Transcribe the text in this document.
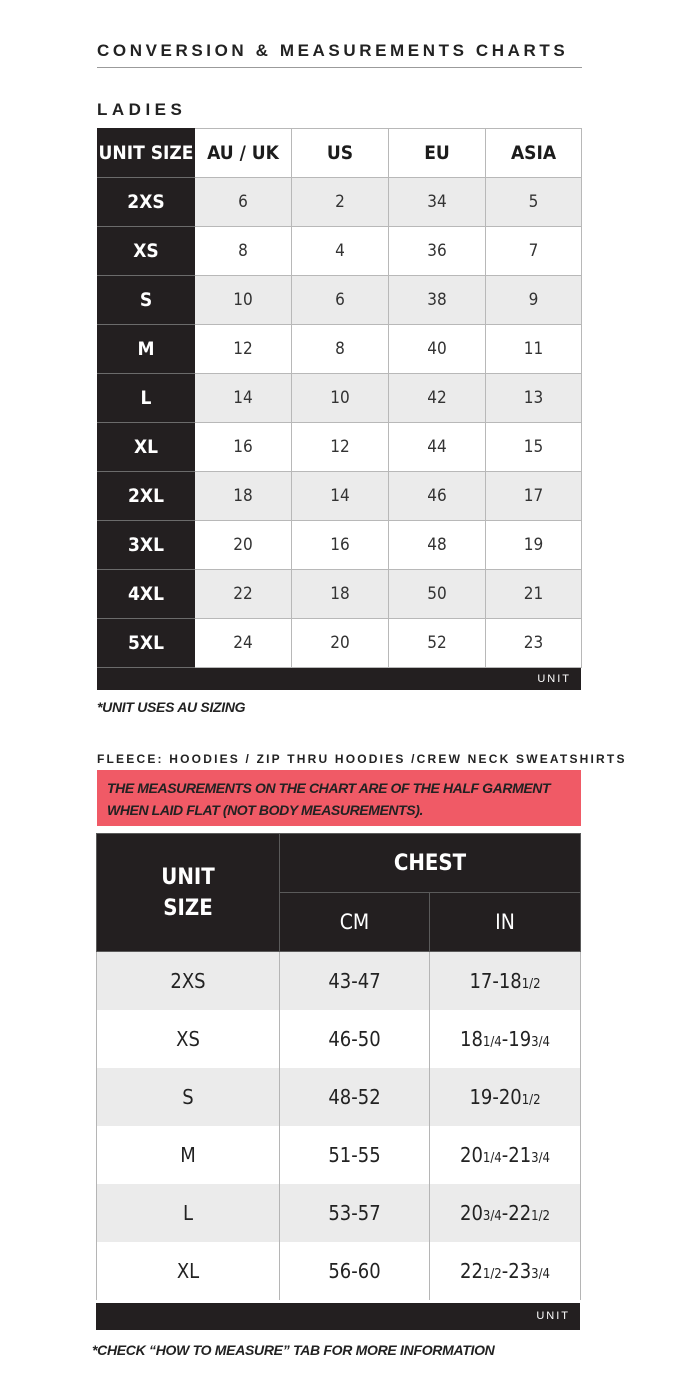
CONVERSION & MEASUREMENTS CHARTS
LADIES
UNIT SIZE	AU / UK	US	EU	ASIA
2XS	6	2	34	5
XS	8	4	36	7
S	10	6	38	9
M	12	8	40	11
L	14	10	42	13
XL	16	12	44	15
2XL	18	14	46	17
3XL	20	16	48	19
4XL	22	18	50	21
5XL	24	20	52	23
UNIT
*UNIT USES AU SIZING
FLEECE: HOODIES / ZIP THRU HOODIES /CREW NECK SWEATSHIRTS
THE MEASUREMENTS ON THE CHART ARE OF THE HALF GARMENT WHEN LAID FLAT (NOT BODY MEASUREMENTS).
UNIT
SIZE	CHEST	
	CM	IN
2XS	43-47	17-181/2
XS	46-50	181/4-193/4
S	48-52	19-201/2
M	51-55	201/4-213/4
L	53-57	203/4-221/2
XL	56-60	221/2-233/4
UNIT
*CHECK “HOW TO MEASURE” TAB FOR MORE INFORMATION
